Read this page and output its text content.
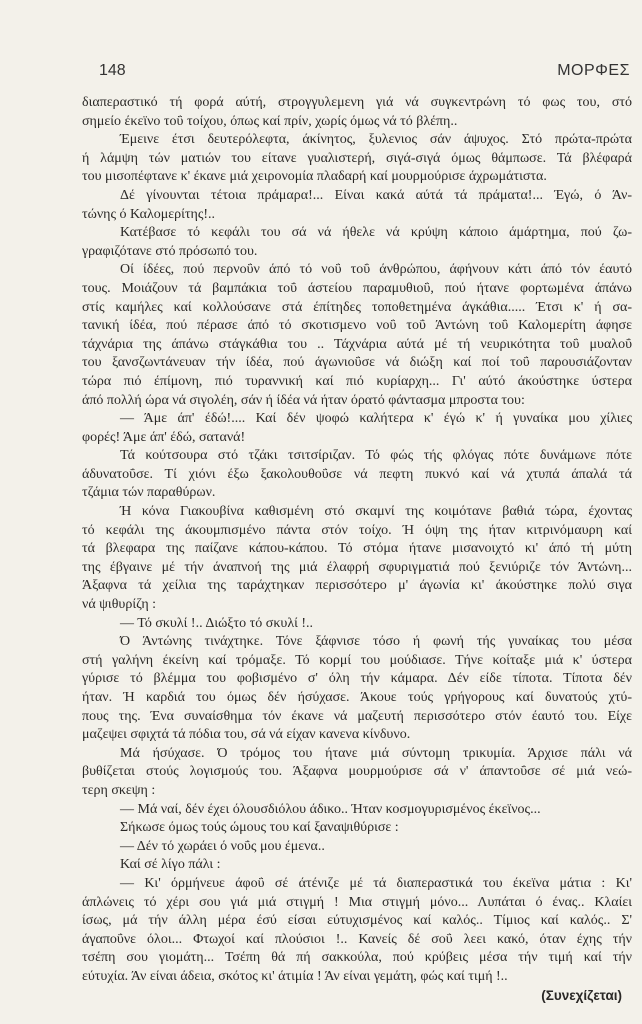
148	ΜΟΡΦΕΣ
διαπεραστικό τή φορά αύτή, στρογγυλεμενη γιά νά συγκεντρώνη τό φως του, στό
σημείο έκεϊνο τοΰ τοίχου, όπως καί πρίν, χωρίς όμως νά τό βλέπη..
Έμεινε έτσι δευτερόλεφτα, άκίνητος, ξυλενιος σάν άψυχος. Στό πρώτα-πρώτα
ή λάμψη τών ματιών του είτανε γυαλιστερή, σιγά-σιγά όμως θάμπωσε. Τά βλέφαρά
του μισοπέφτανε κ' έκανε μιά χειρονομία πλαδαρή καί μουρμούρισε άχρωμάτιστα.
Δέ γίνουνται τέτοια πράμαρα!... Είναι κακά αύτά τά πράματα!... Έγώ, ό Άν-
τώνης ό Καλομερίτης!..
Κατέβασε τό κεφάλι του σά νά ήθελε νά κρύψη κάποιο άμάρτημα, πού ζω-
γραφιζότανε στό πρόσωπό του.
Οί ίδέες, πού περνοΰν άπό τό νοΰ τοΰ άνθρώπου, άφήνουν κάτι άπό τόν έαυτό
τους. Μοιάζουν τά βαμπάκια τοΰ άστείου παραμυθιοΰ, πού ήτανε φορτωμένα άπάνω
στίς καμήλες καί κολλούσανε στά έπίτηδες τοποθετημένα άγκάθια..... Έτσι κ' ή σα-
τανική ίδέα, πού πέρασε άπό τό σκοτισμενο νοΰ τοΰ Άντώνη τοΰ Καλομερίτη άφησε
τάχνάρια της άπάνω στάγκάθια του .. Τάχνάρια αύτά μέ τή νευρικότητα τοΰ μυαλοΰ
του ξανσζωντάνευαν τήν ίδέα, πού άγωνιοΰσε νά διώξη καί ποί τοΰ παρουσιάζονταν
τώρα πιό έπίμονη, πιό τυραννική καί πιό κυρίαρχη... Γι' αύτό άκούστηκε ύστερα
άπό πολλή ώρα νά σιγολέη, σάν ή ίδέα νά ήταν όρατό φάντασμα μπροστα του:
— Άμε άπ' έδώ!.... Καί δέν ψοφώ καλήτερα κ' έγώ κ' ή γυναίκα μου χίλιες
φορές! Άμε άπ' έδώ, σατανά!
Τά κούτσουρα στό τζάκι τσιτσίριζαν. Τό φώς τής φλόγας πότε δυνάμωνε πότε
άδυνατοΰσε. Τί χιόνι έξω ξακολουθοΰσε νά πεφτη πυκνό καί νά χτυπά άπαλά τά
τζάμια τών παραθύρων.
Ή κόνα Γιακουβίνα καθισμένη στό σκαμνί της κοιμότανε βαθιά τώρα, έχοντας
τό κεφάλι της άκουμπισμένο πάντα στόν τοίχο. Ή όψη της ήταν κιτρινόμαυρη καί
τά βλεφαρα της παίζανε κάπου-κάπου. Τό στόμα ήτανε μισανοιχτό κι' άπό τή μύτη
της έβγαινε μέ τήν άναπνοή της μιά έλαφρή σφυριγματιά πού ξενιύριζε τόν Άντώνη...
Άξαφνα τά χείλια της ταράχτηκαν περισσότερο μ' άγωνία κι' άκούστηκε πολύ σιγα
νά ψιθυρίζη :
— Τό σκυλί !.. Διώξτο τό σκυλί !..
Ό Άντώνης τινάχτηκε. Τόνε ξάφνισε τόσο ή φωνή τής γυναίκας του μέσα
στή γαλήνη έκείνη καί τρόμαξε. Τό κορμί του μούδιασε. Τήνε κοίταξε μιά κ' ύστερα
γύρισε τό βλέμμα του φοβισμένο σ' όλη τήν κάμαρα. Δέν είδε τίποτα. Τίποτα δέν
ήταν. Ή καρδιά του όμως δέν ήσύχασε. Άκουε τούς γρήγορους καί δυνατούς χτύ-
πους της. Ένα συναίσθημα τόν έκανε νά μαζευτή περισσότερο στόν έαυτό του. Είχε
μαζεψει σφιχτά τά πόδια του, σά νά είχαν κανενα κίνδυνο.
Μά ήσύχασε. Ό τρόμος του ήτανε μιά σύντομη τρικυμία. Άρχισε πάλι νά
βυθίζεται στούς λογισμούς του. Άξαφνα μουρμούρισε σά ν' άπαντοΰσε σέ μιά νεώ-
τερη σκεψη :
— Μά ναί, δέν έχει όλουσδιόλου άδικο.. Ήταν κοσμογυρισμένος έκεϊνος...
Σήκωσε όμως τούς ώμους του καί ξαναψιθύρισε :
— Δέν τό χωράει ό νοΰς μου έμενα..
Καί σέ λίγο πάλι :
— Κι' όρμήνευε άφοΰ σέ άτένιζε μέ τά διαπεραστικά του έκεϊνα μάτια : Κι'
άπλώνεις τό χέρι σου γιά μιά στιγμή ! Μια στιγμή μόνο... Λυπάται ό ένας.. Κλαίει
ίσως, μά τήν άλλη μέρα έσύ είσαι εύτυχισμένος καί καλός.. Τίμιος καί καλός.. Σ'
άγαποΰνε όλοι... Φτωχοί καί πλούσιοι !.. Κανείς δέ σοΰ λεει κακό, όταν έχης τήν
τσέπη σου γιομάτη... Τσέπη θά πή σακκούλα, πού κρύβεις μέσα τήν τιμή καί τήν
εύτυχία. Άν είναι άδεια, σκότος κι' άτιμία ! Άν είναι γεμάτη, φώς καί τιμή !..
(Συνεχίζεται)
